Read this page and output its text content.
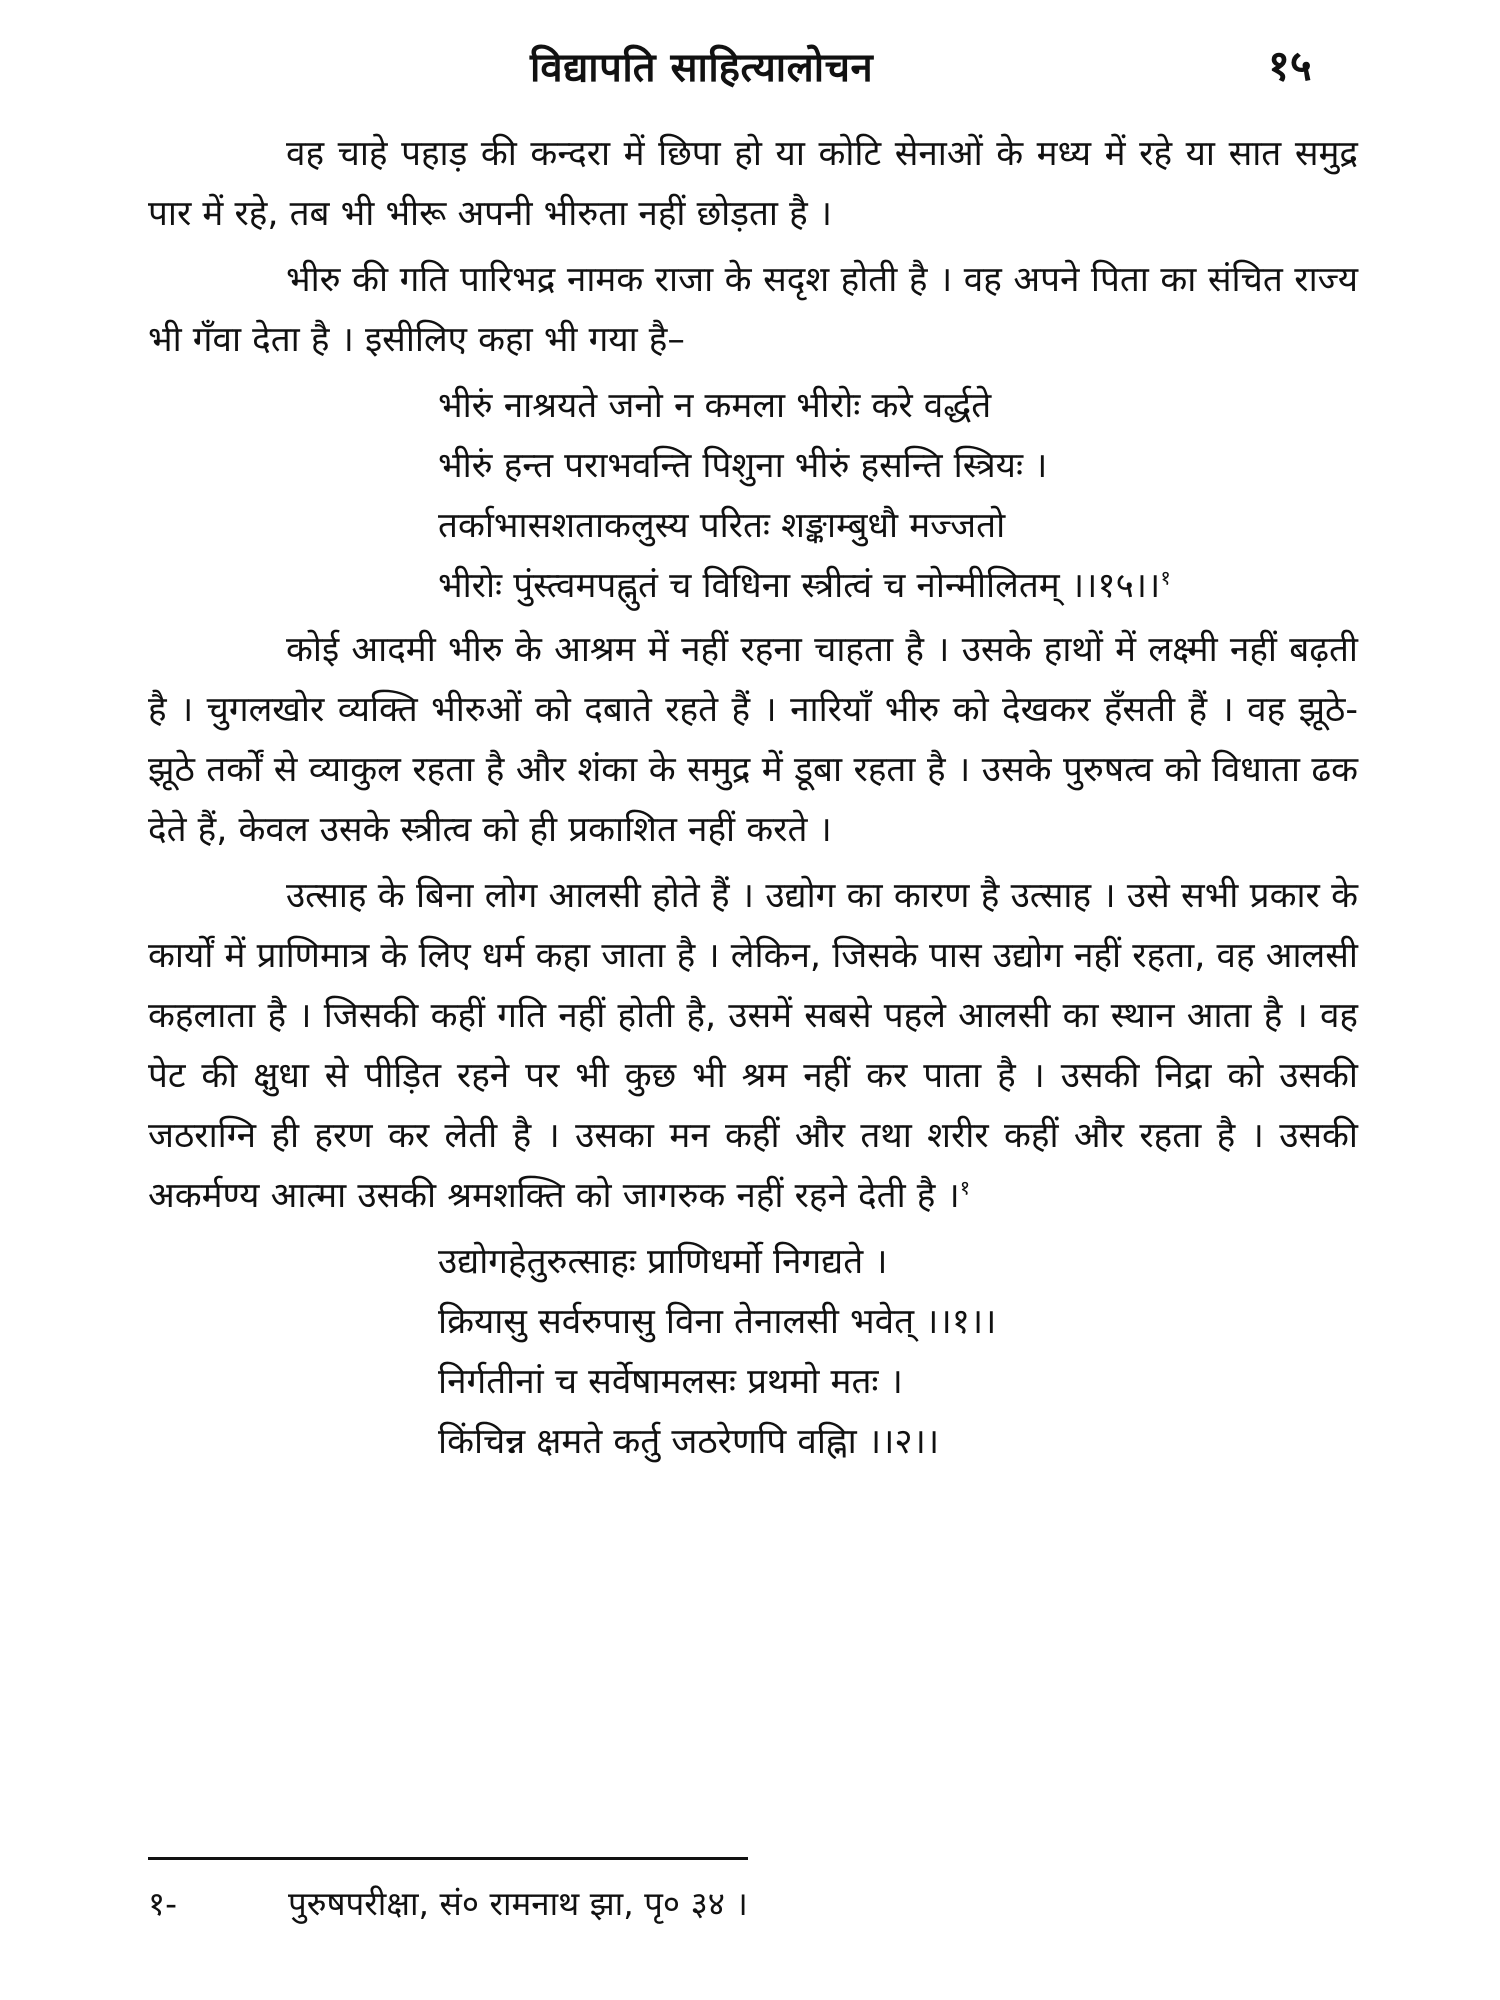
विद्यापति साहित्यालोचन	१५

वह चाहे पहाड़ की कन्दरा में छिपा हो या कोटि सेनाओं के मध्य में रहे या सात समुद्र पार में रहे, तब भी भीरू अपनी भीरुता नहीं छोड़ता है ।

भीरु की गति पारिभद्र नामक राजा के सदृश होती है । वह अपने पिता का संचित राज्य भी गँवा देता है । इसीलिए कहा भी गया है–

भीरुं नाश्रयते जनो न कमला भीरोः करे वर्द्धते
भीरुं हन्त पराभवन्ति पिशुना भीरुं हसन्ति स्त्रियः ।
तर्काभासशताकलुस्य परितः शङ्काम्बुधौ मज्जतो
भीरोः पुंस्त्वमपह्नुतं च विधिना स्त्रीत्वं च नोन्मीलितम् ।।१५।।$^१$

कोई आदमी भीरु के आश्रम में नहीं रहना चाहता है । उसके हाथों में लक्ष्मी नहीं बढ़ती है । चुगलखोर व्यक्ति भीरुओं को दबाते रहते हैं । नारियाँ भीरु को देखकर हँसती हैं । वह झूठे-झूठे तर्कों से व्याकुल रहता है और शंका के समुद्र में डूबा रहता है । उसके पुरुषत्व को विधाता ढक देते हैं, केवल उसके स्त्रीत्व को ही प्रकाशित नहीं करते ।

उत्साह के बिना लोग आलसी होते हैं । उद्योग का कारण है उत्साह । उसे सभी प्रकार के कार्यों में प्राणिमात्र के लिए धर्म कहा जाता है । लेकिन, जिसके पास उद्योग नहीं रहता, वह आलसी कहलाता है । जिसकी कहीं गति नहीं होती है, उसमें सबसे पहले आलसी का स्थान आता है । वह पेट की क्षुधा से पीड़ित रहने पर भी कुछ भी श्रम नहीं कर पाता है । उसकी निद्रा को उसकी जठराग्नि ही हरण कर लेती है । उसका मन कहीं और तथा शरीर कहीं और रहता है । उसकी अकर्मण्य आत्मा उसकी श्रमशक्ति को जागरुक नहीं रहने देती है ।$^१$

उद्योगहेतुरुत्साहः प्राणिधर्मो निगद्यते ।
क्रियासु सर्वरुपासु विना तेनालसी भवेत् ।।१।।
निर्गतीनां च सर्वेषामलसः प्रथमो मतः ।
किंचिन्न क्षमते कर्तु जठरेणपि वह्निा ।।२।।
१-	पुरुषपरीक्षा, सं० रामनाथ झा, पृ० ३४ ।
